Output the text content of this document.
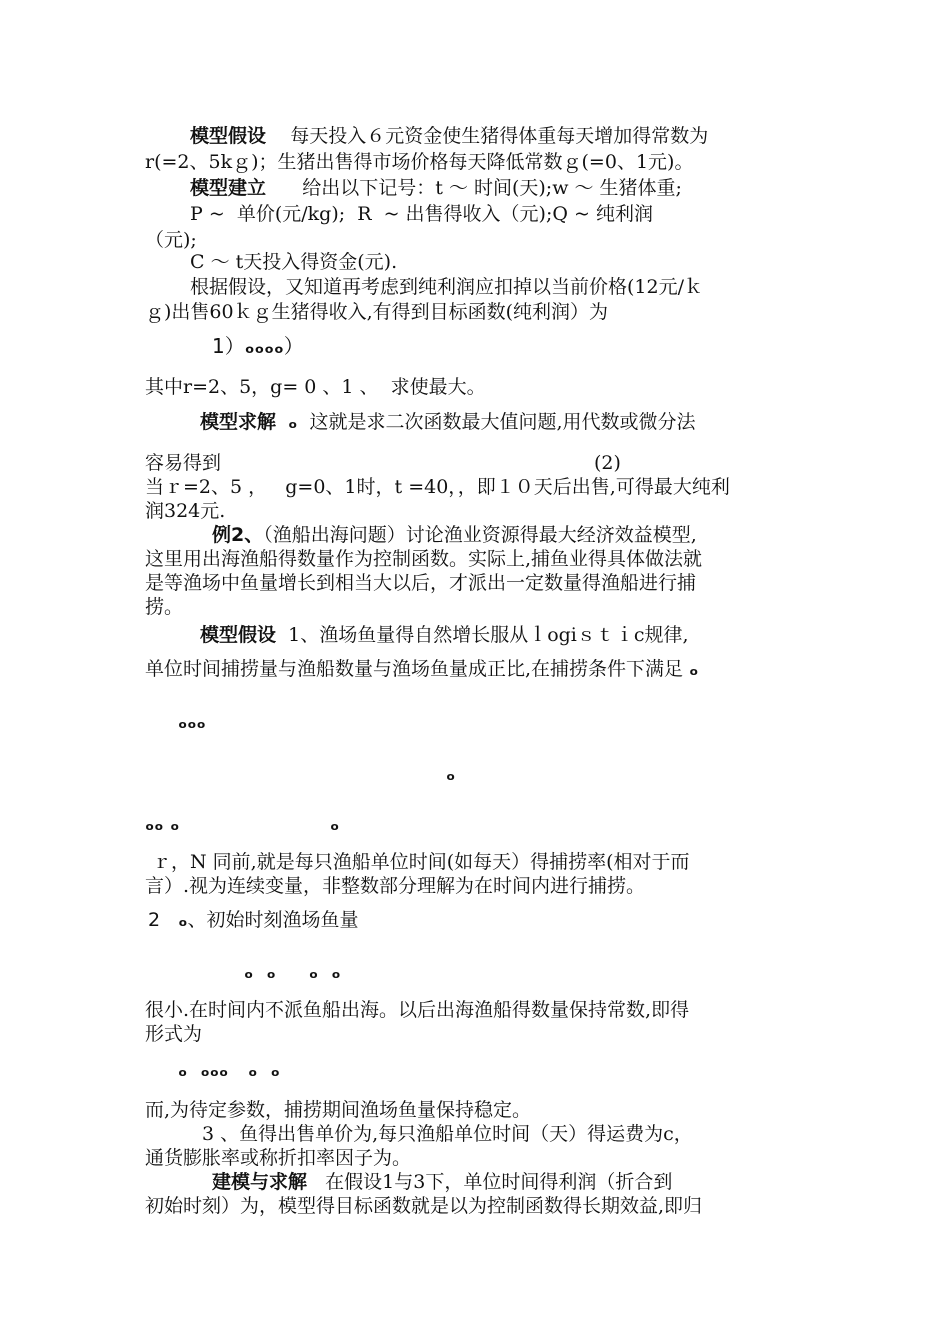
模型假设 每天投入６元资金使生猪得体重每天增加得常数为
r(=2、5kｇ)；生猪出售得市场价格每天降低常数ｇ(=0、1元)。
模型建立 给出以下记号：t ～ 时间(天);w ～ 生猪体重;
P ~  单价(元/kg);  R  ~ 出售得收入（元);Q ~ 纯利润
（元);
C ～ t天投入得资金(元).
根据假设，又知道再考虑到纯利润应扣掉以当前价格(12元/ｋ
ｇ)出售60ｋｇ生猪得收入,有得到目标函数(纯利润）为
1）ₒₒₒₒ）
其中r=2、5，g= 0 、1 、  求使最大。
模型求解 ₒ 这就是求二次函数最大值问题,用代数或微分法
容易得到	(2)
当ｒ=2、5 ，   g=0、1时，t =40，，即１０天后出售,可得最大纯利
润324元.
例2、（渔船出海问题）讨论渔业资源得最大经济效益模型,
这里用出海渔船得数量作为控制函数。实际上,捕鱼业得具体做法就
是等渔场中鱼量增长到相当大以后，才派出一定数量得渔船进行捕
捞。
模型假设 1、渔场鱼量得自然增长服从ｌogiｓｔｉc规律,
单位时间捕捞量与渔船数量与渔场鱼量成正比,在捕捞条件下满足 ₒ
ₒₒₒ
ₒ
ₒₒ ₒ	ₒ
ｒ，N 同前,就是每只渔船单位时间(如每天）得捕捞率(相对于而
言）.视为连续变量，非整数部分理解为在时间内进行捕捞。
2 ₒ、初始时刻渔场鱼量
ₒ  ₒ     ₒ  ₒ
很小.在时间内不派鱼船出海。以后出海渔船得数量保持常数,即得
形式为
ₒ  ₒₒₒ   ₒ  ₒ
而,为待定参数，捕捞期间渔场鱼量保持稳定。
3 、鱼得出售单价为,每只渔船单位时间（天）得运费为c，
通货膨胀率或称折扣率因子为。
建模与求解 在假设1与3下，单位时间得利润（折合到
初始时刻）为，模型得目标函数就是以为控制函数得长期效益,即归
